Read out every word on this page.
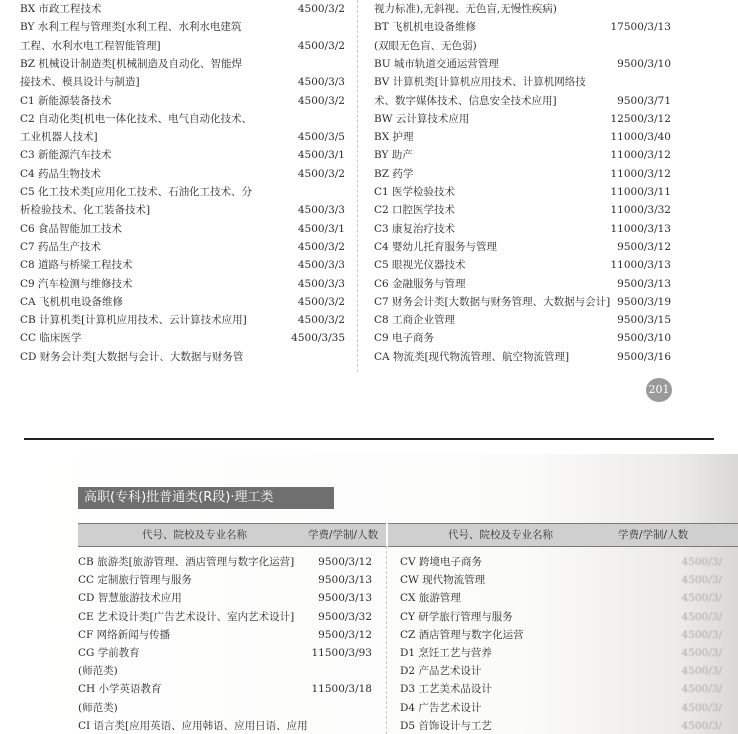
BX 市政工程技术	4500/3/2
BY 水利工程与管理类[水利工程、水利水电建筑
工程、水利水电工程智能管理]	4500/3/2
BZ 机械设计制造类[机械制造及自动化、智能焊
接技术、模具设计与制造]	4500/3/3
C1 新能源装备技术	4500/3/2
C2 自动化类[机电一体化技术、电气自动化技术、
工业机器人技术]	4500/3/5
C3 新能源汽车技术	4500/3/1
C4 药品生物技术	4500/3/2
C5 化工技术类[应用化工技术、石油化工技术、分
析检验技术、化工装备技术]	4500/3/3
C6 食品智能加工技术	4500/3/1
C7 药品生产技术	4500/3/2
C8 道路与桥梁工程技术	4500/3/3
C9 汽车检测与维修技术	4500/3/3
CA 飞机机电设备维修	4500/3/2
CB 计算机类[计算机应用技术、云计算技术应用]	4500/3/2
CC 临床医学	4500/3/35
CD 财务会计类[大数据与会计、大数据与财务管
视力标准),无斜视、无色盲,无慢性疾病)
BT 飞机机电设备维修	17500/3/13
(双眼无色盲、无色弱)
BU 城市轨道交通运营管理	9500/3/10
BV 计算机类[计算机应用技术、计算机网络技
术、数字媒体技术、信息安全技术应用]	9500/3/71
BW 云计算技术应用	12500/3/12
BX 护理	11000/3/40
BY 助产	11000/3/12
BZ 药学	11000/3/12
C1 医学检验技术	11000/3/11
C2 口腔医学技术	11000/3/32
C3 康复治疗技术	11000/3/13
C4 婴幼儿托育服务与管理	9500/3/12
C5 眼视光仪器技术	11000/3/13
C6 金融服务与管理	9500/3/13
C7 财务会计类[大数据与财务管理、大数据与会计] 9500/3/19
C8 工商企业管理	9500/3/15
C9 电子商务	9500/3/10
CA 物流类[现代物流管理、航空物流管理]	9500/3/16
201
高职(专科)批普通类(R段)·理工类
代号、院校及专业名称	学费/学制/人数	代号、院校及专业名称	学费/学制/人数
CB 旅游类[旅游管理、酒店管理与数字化运营]	9500/3/12
CC 定制旅行管理与服务	9500/3/13
CD 智慧旅游技术应用	9500/3/13
CE 艺术设计类[广告艺术设计、室内艺术设计]	9500/3/32
CF 网络新闻与传播	9500/3/12
CG 学前教育	11500/3/93
(师范类)
CH 小学英语教育	11500/3/18
(师范类)
CI 语言类[应用英语、应用韩语、应用日语、应用
CV 跨境电子商务	4500/3/
CW 现代物流管理	4500/3/
CX 旅游管理	4500/3/
CY 研学旅行管理与服务	4500/3/
CZ 酒店管理与数字化运营	4500/3/
D1 烹饪工艺与营养	4500/3/
D2 产品艺术设计	4500/3/
D3 工艺美术品设计	4500/3/
D4 广告艺术设计	4500/3/
D5 首饰设计与工艺	4500/3/
